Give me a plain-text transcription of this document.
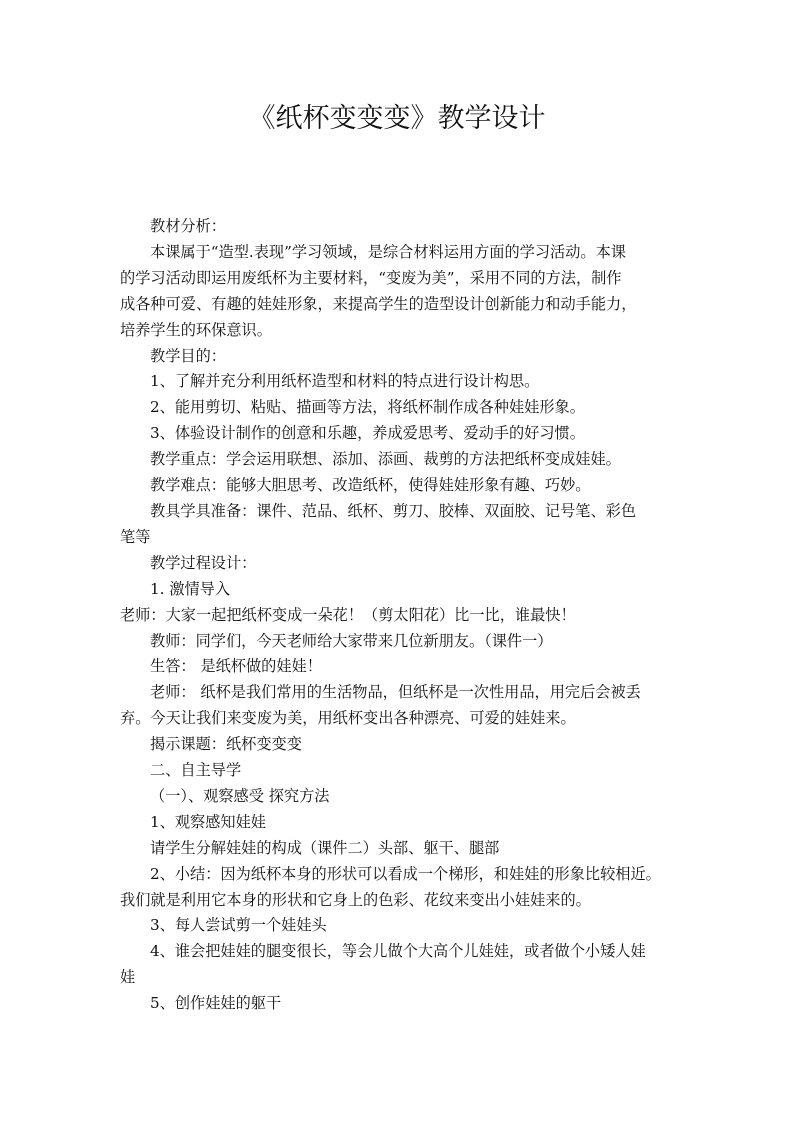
《纸杯变变变》教学设计

教材分析：

本课属于“造型.表现”学习领域，是综合材料运用方面的学习活动。本课

的学习活动即运用废纸杯为主要材料，“变废为美”，采用不同的方法，制作

成各种可爱、有趣的娃娃形象，来提高学生的造型设计创新能力和动手能力，

培养学生的环保意识。

教学目的：

1、了解并充分利用纸杯造型和材料的特点进行设计构思。

2、能用剪切、粘贴、描画等方法，将纸杯制作成各种娃娃形象。

3、体验设计制作的创意和乐趣，养成爱思考、爱动手的好习惯。

教学重点：学会运用联想、添加、添画、裁剪的方法把纸杯变成娃娃。

教学难点：能够大胆思考、改造纸杯，使得娃娃形象有趣、巧妙。

教具学具准备：课件、范品、纸杯、剪刀、胶棒、双面胶、记号笔、彩色

笔等

教学过程设计：

1. 激情导入

老师：大家一起把纸杯变成一朵花！（剪太阳花）比一比，谁最快！

教师：同学们，今天老师给大家带来几位新朋友。（课件一）

生答： 是纸杯做的娃娃！

老师： 纸杯是我们常用的生活物品，但纸杯是一次性用品，用完后会被丢

弃。今天让我们来变废为美，用纸杯变出各种漂亮、可爱的娃娃来。

揭示课题：纸杯变变变

二、自主导学

（一）、观察感受 探究方法

1、观察感知娃娃

请学生分解娃娃的构成（课件二）头部、躯干、腿部

2、小结：因为纸杯本身的形状可以看成一个梯形，和娃娃的形象比较相近。

我们就是利用它本身的形状和它身上的色彩、花纹来变出小娃娃来的。

3、每人尝试剪一个娃娃头

4、谁会把娃娃的腿变很长，等会儿做个大高个儿娃娃，或者做个小矮人娃

娃

5、创作娃娃的躯干
